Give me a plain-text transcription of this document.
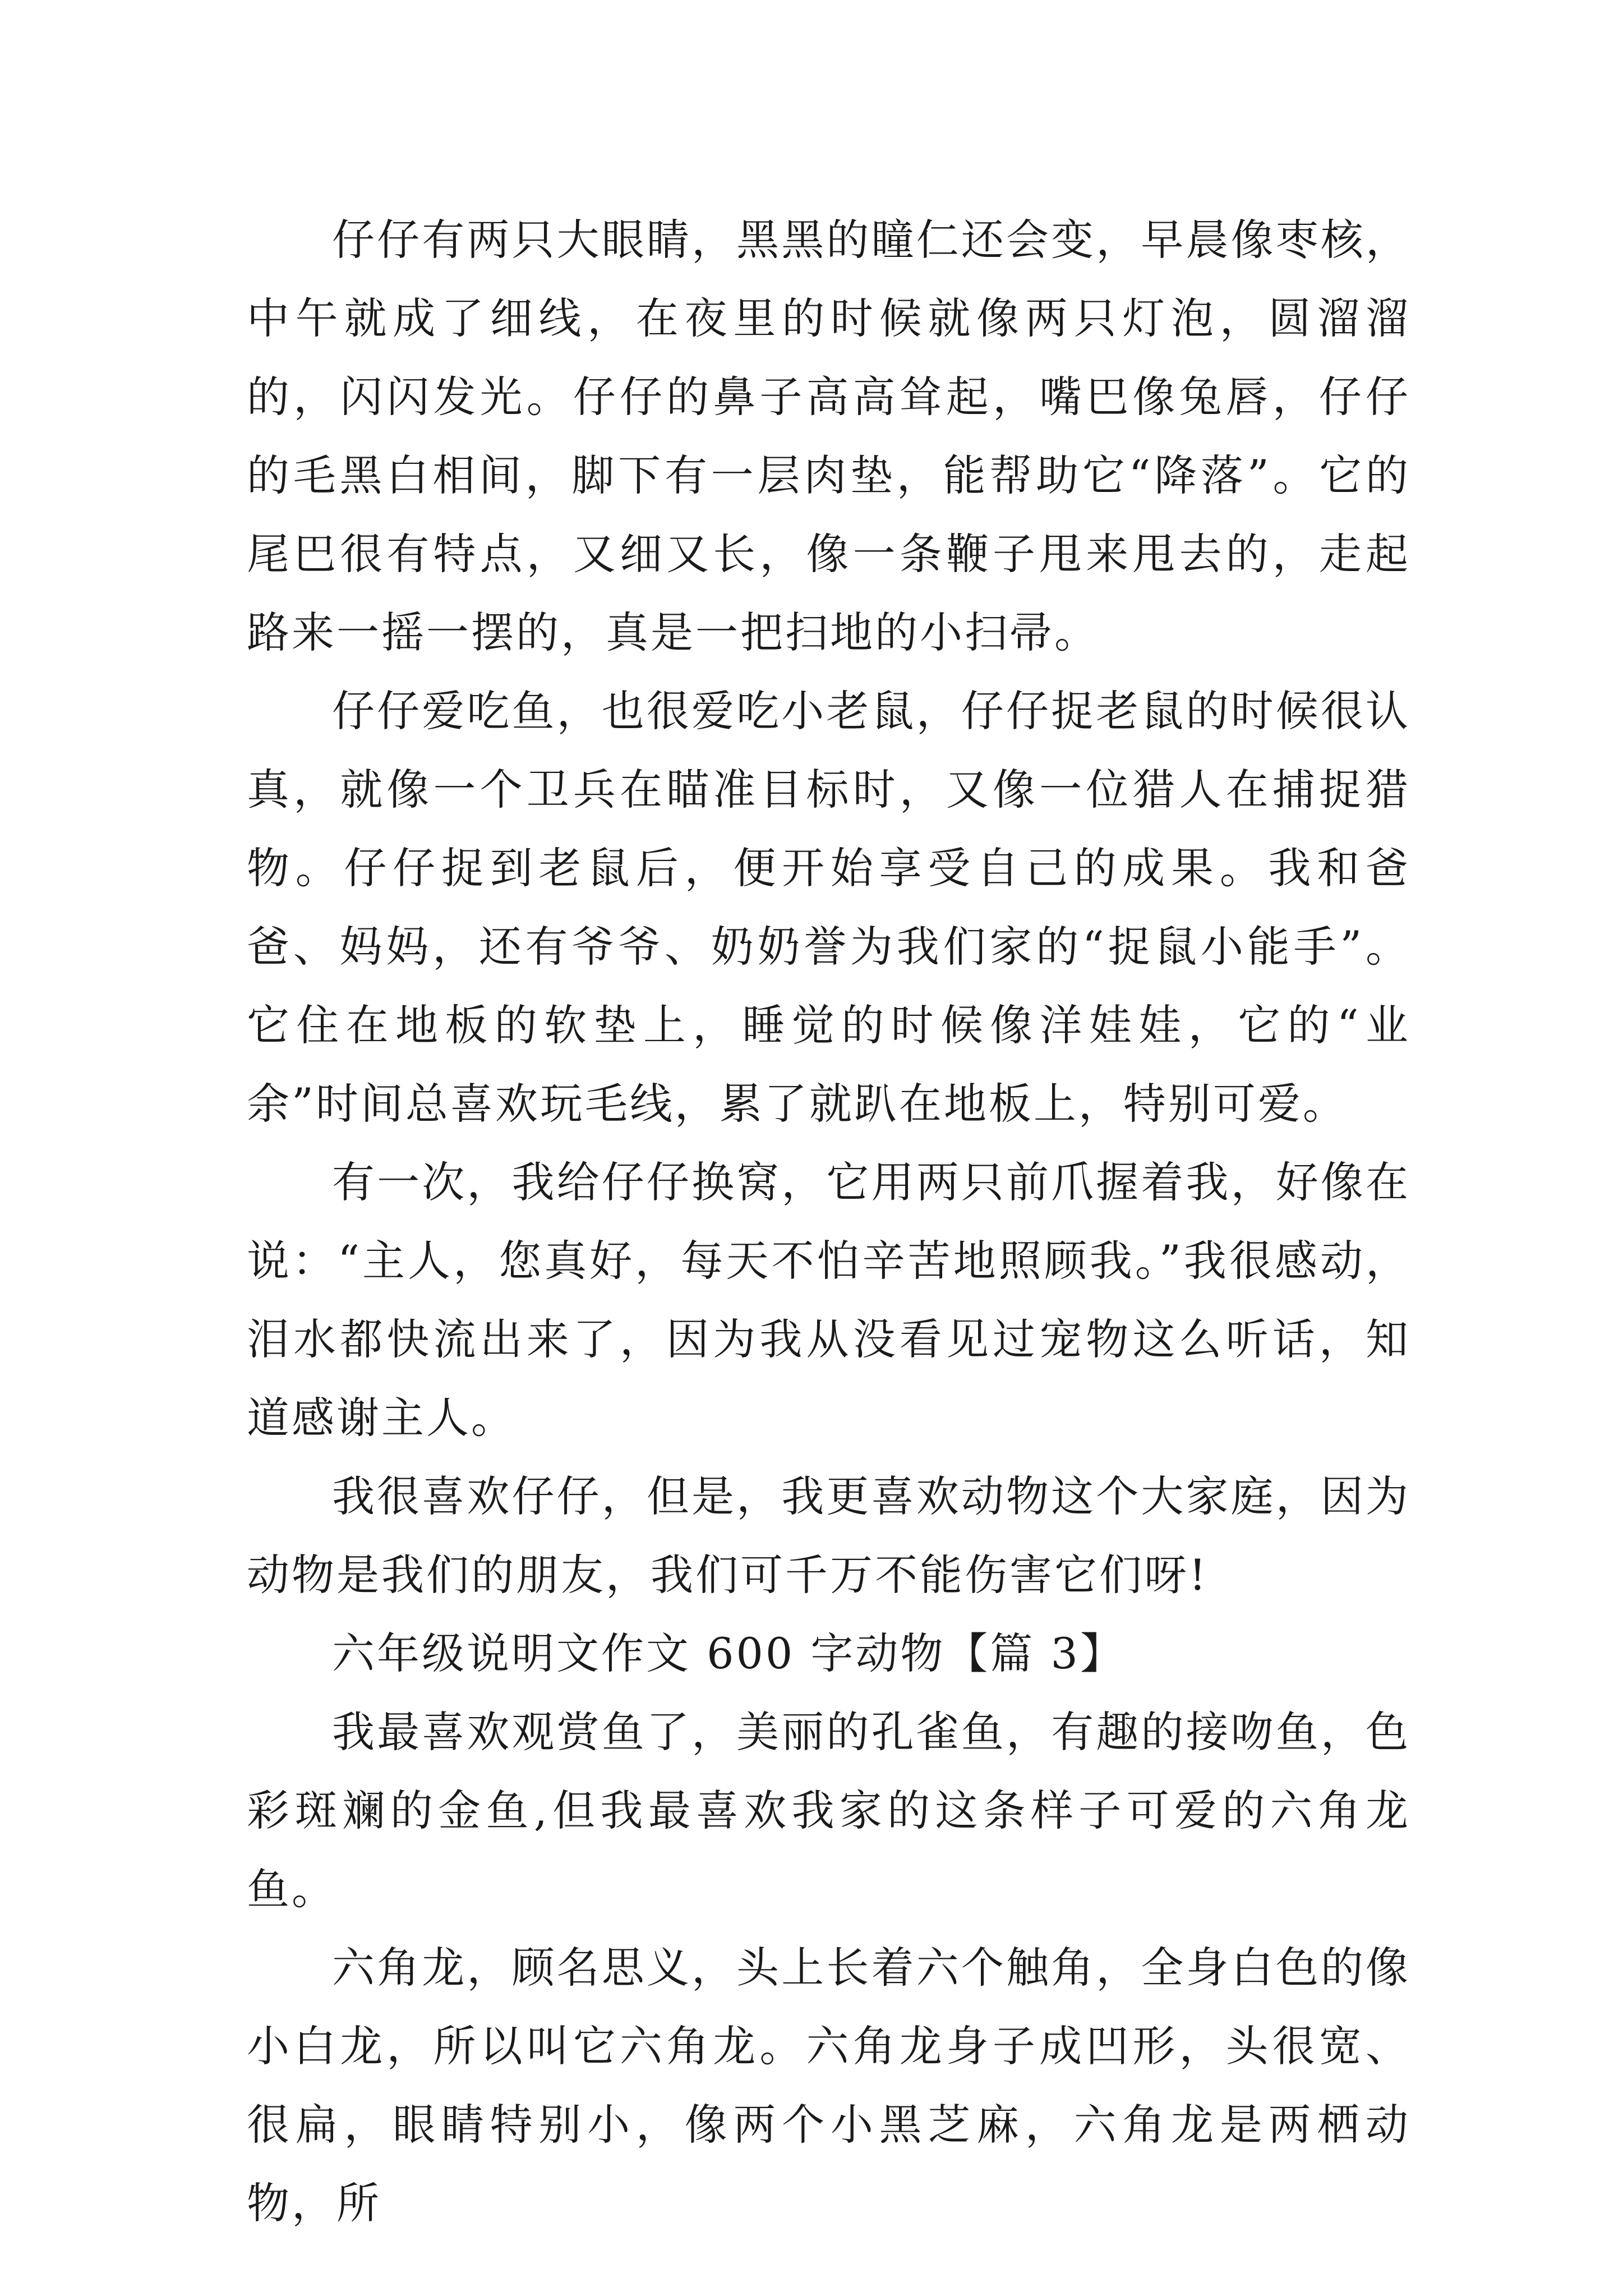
仔仔有两只大眼睛，黑黑的瞳仁还会变，早晨像枣核，中午就成了细线，在夜里的时候就像两只灯泡，圆溜溜的，闪闪发光。仔仔的鼻子高高耸起，嘴巴像兔唇，仔仔的毛黑白相间，脚下有一层肉垫，能帮助它“降落”。它的尾巴很有特点，又细又长，像一条鞭子甩来甩去的，走起路来一摇一摆的，真是一把扫地的小扫帚。

仔仔爱吃鱼，也很爱吃小老鼠，仔仔捉老鼠的时候很认真，就像一个卫兵在瞄准目标时，又像一位猎人在捕捉猎物。仔仔捉到老鼠后，便开始享受自己的成果。我和爸爸、妈妈，还有爷爷、奶奶誉为我们家的“捉鼠小能手”。它住在地板的软垫上，睡觉的时候像洋娃娃，它的“业余”时间总喜欢玩毛线，累了就趴在地板上，特别可爱。

有一次，我给仔仔换窝，它用两只前爪握着我，好像在说：“主人，您真好，每天不怕辛苦地照顾我。”我很感动，泪水都快流出来了，因为我从没看见过宠物这么听话，知道感谢主人。

我很喜欢仔仔，但是，我更喜欢动物这个大家庭，因为动物是我们的朋友，我们可千万不能伤害它们呀!

六年级说明文作文 600 字动物【篇 3】

我最喜欢观赏鱼了，美丽的孔雀鱼，有趣的接吻鱼，色彩斑斓的金鱼,但我最喜欢我家的这条样子可爱的六角龙鱼。

六角龙，顾名思义，头上长着六个触角，全身白色的像小白龙，所以叫它六角龙。六角龙身子成凹形，头很宽、很扁，眼睛特别小，像两个小黑芝麻，六角龙是两栖动物，所
